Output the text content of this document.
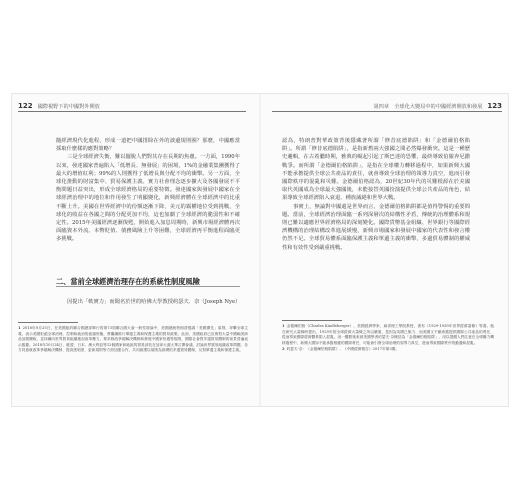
122 國際視野下的中國對外開放

隨經濟現代化進程，形成一道把中國排除在外的談邊規則圈？那麼，中國應當採取什麼樣的應對策略？

三是全球經濟失衡，難以擺脫人們對其存在長期的焦慮。一方面，1990年以來，發達國家普遍陷入「低增長、無發展」的困境，1%的金融業集團獲得了最大的增值紅利；99%的人則獲得了低增長與分配不均的衝擊。另一方面，全球化推動的財富集中、貿易保護主義、實力社會理念逐步擴大及各國發展不平衡問題日益突出，形成全球經濟格局的重要特徵。發達國家與發展中國家在全球經濟治理中的地位和作用發生了明顯變化，新興經濟體在全球經濟中的比重不斷上升。美國在世界經濟中的份額逐漸下降，美元的霸權地位受到挑戰，全球化的收益在各國之間的分配更加不均，這也加劇了全球經濟的脆弱性和不確定性。2015年美國經濟逐漸復甦，開始進入加息周期時，新興市場經濟體再次面臨資本外流、本幣貶值、債務風險上升等困難，全球經濟再平衡進程面臨更多挑戰。

二、當前全球經濟治理存在的系統性制度風險

因提出「軟實力」而聞名於世的哈佛大學教授約瑟夫．奈（Joseph Nye）

1 2018年9月25日，在美國紐約聯合國總部舉行的第73屆聯合國大會一般性辯論中，美國總統特朗普強調「美國優先」原則，抨擊全球主義，表示美國拒絕全球治理、控制和統治的意識形態，將繼續推行單邊主義和保護主義的貿易政策。此前，美國政府已宣佈對大量中國輸美商品加徵關稅，並持續向世界貿易組織施加改革壓力，要求修改爭端解決機制和發展中國家待遇等規則，國際社會對多邊貿易體制的前景普遍表示擔憂。2018年10月24日，歐盟、日本、澳大利亞等12個國家和地區的貿易部長在加拿大渥太華召開會議，討論世界貿易組織改革問題，各方同意就改革爭端解決機制、提高透明度、更新規則等方面加強合作，共同維護以規則為基礎的多邊貿易體制，反對單邊主義和保護主義。

第四章　全球化大變局中的中國經濟開放和發展 123

認為，特朗普對華政策背後隱藏著所謂「修昔底德陷阱」和「金德爾伯格陷阱」。所謂「修昔底德陷阱」，是指新舊兩大強國之間必然爆發衝突。這是一種歷史邏輯，在古希臘時期，雅典的崛起引起了斯巴達的恐懼，最終導致伯羅奔尼撒戰爭。而所謂「金德爾伯格陷阱」，是指在全球權力轉移過程中，如果新興大國不能承擔提供全球公共產品的責任，就會導致全球治理的領導力真空，進而引發國際秩序的混亂和災難。金德爾伯格認為，20世紀30年代的災難根源在於美國取代英國成為全球最大強國後，未能接替英國扮演提供全球公共產品的角色，結果導致全球經濟陷入衰退、種族滅絕和世界大戰。

事實上，無論對中國還是世界而言，金德爾伯格陷阱都是值得警惕的重要問題。當前，全球經濟治理面臨一系列深層次的結構性矛盾，傳統的治理體系和規則已難以適應世界經濟格局的深刻變化。國際貨幣基金組織、世界銀行等國際經濟機構的治理結構改革進展緩慢，新興市場國家和發展中國家的代表性和發言權仍然不足。全球貿易體系面臨保護主義和單邊主義的衝擊，多邊貿易體制的權威性和有效性受到嚴重挑戰。

1 金德爾伯格（Charles Kindleberger），美國經濟學家，麻省理工學院教授，著有《1929-1939年世界經濟蕭條》等書。他在研究大蕭條時提出，1929年的全球經濟大蕭條之所以嚴重，是因為英國已無力、而美國又不願承擔提供國際公共產品的責任，從而導致國際經濟體系陷入混亂。這一觀點後來被美國學者約瑟夫·奈概括為「金德爾伯格陷阱」，用以提醒人們注意在全球權力轉移過程中，新興大國如不能承擔相應的國際責任，可能會引發全球治理的領導力真空，進而導致國際秩序的動盪和混亂。

2 約瑟夫·奈：《金德爾伯格陷阱》，《中國經濟報告》2017年第3期。
